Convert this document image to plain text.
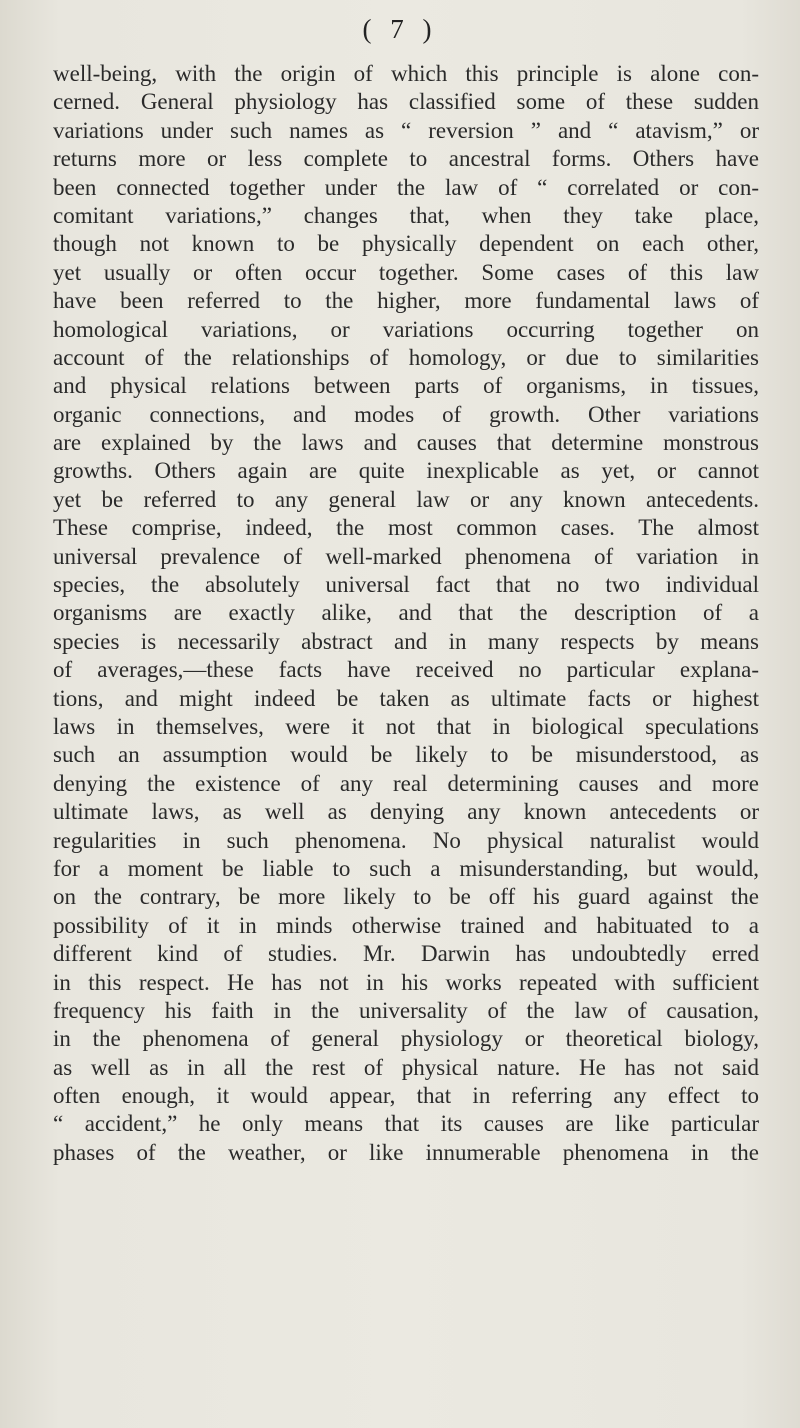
( 7 )
well-being, with the origin of which this principle is alone con-
cerned. General physiology has classified some of these sudden
variations under such names as “ reversion ” and “ atavism,” or
returns more or less complete to ancestral forms. Others have
been connected together under the law of “ correlated or con-
comitant variations,” changes that, when they take place,
though not known to be physically dependent on each other,
yet usually or often occur together. Some cases of this law
have been referred to the higher, more fundamental laws of
homological variations, or variations occurring together on
account of the relationships of homology, or due to similarities
and physical relations between parts of organisms, in tissues,
organic connections, and modes of growth. Other variations
are explained by the laws and causes that determine monstrous
growths. Others again are quite inexplicable as yet, or cannot
yet be referred to any general law or any known antecedents.
These comprise, indeed, the most common cases. The almost
universal prevalence of well-marked phenomena of variation in
species, the absolutely universal fact that no two individual
organisms are exactly alike, and that the description of a
species is necessarily abstract and in many respects by means
of averages,—these facts have received no particular explana-
tions, and might indeed be taken as ultimate facts or highest
laws in themselves, were it not that in biological speculations
such an assumption would be likely to be misunderstood, as
denying the existence of any real determining causes and more
ultimate laws, as well as denying any known antecedents or
regularities in such phenomena. No physical naturalist would
for a moment be liable to such a misunderstanding, but would,
on the contrary, be more likely to be off his guard against the
possibility of it in minds otherwise trained and habituated to a
different kind of studies. Mr. Darwin has undoubtedly erred
in this respect. He has not in his works repeated with sufficient
frequency his faith in the universality of the law of causation,
in the phenomena of general physiology or theoretical biology,
as well as in all the rest of physical nature. He has not said
often enough, it would appear, that in referring any effect to
“ accident,” he only means that its causes are like particular
phases of the weather, or like innumerable phenomena in the
